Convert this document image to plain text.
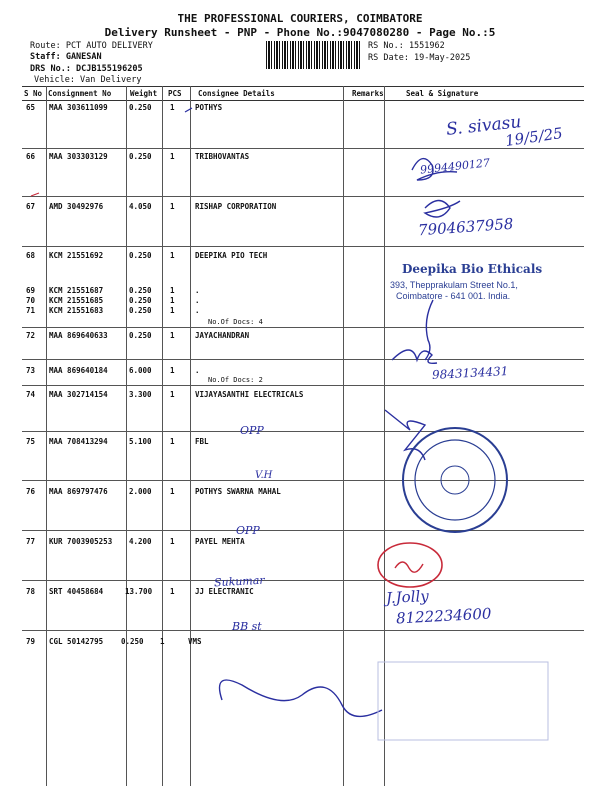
THE PROFESSIONAL COURIERS, COIMBATORE
Delivery Runsheet - PNP - Phone No.:9047080280 - Page No.:5
Route: PCT AUTO DELIVERY
Staff: GANESAN
DRS No.: DCJB155196205
Vehicle: Van Delivery
RS No.: 1551962
RS Date: 19-May-2025
S No	Consignment No	Weight	PCS	Consignee Details	Remarks	Seal & Signature
65 MAA 303611099	0.250 1	POTHYS
66 MAA 303303129	0.250 1	TRIBHOVANTAS
67 AMD 30492976	4.050 1	RISHAP CORPORATION
68 KCM 21551692	0.250 1	DEEPIKA PIO TECH
69 KCM 21551687	0.250 1	.
70 KCM 21551685	0.250 1	.
71 KCM 21551683	0.250 1	.
No.Of Docs: 4
72 MAA 869640633	0.250 1	JAYACHANDRAN
73 MAA 869640184	6.000 1	.
No.Of Docs: 2
74 MAA 302714154	3.300 1	VIJAYASANTHI ELECTRICALS
75 MAA 708413294	5.100 1	FBL
76 MAA 869797476	2.000 1	POTHYS SWARNA MAHAL
77 KUR 7003905253 4.200 1	PAYEL MEHTA
78 SRT 40458684	13.700 1	JJ ELECTRANIC
79 CGL 50142795 0.250 1	VMS
S. sivasu
19/5/25
9994490127
7904637958
9843134431
OPP
V.H
OPP
Sukumar
J.Jolly
8122234600
BB st
Deepika Bio Ethicals
393, Thepprakulam Street No.1,
Coimbatore - 641 001. India.
